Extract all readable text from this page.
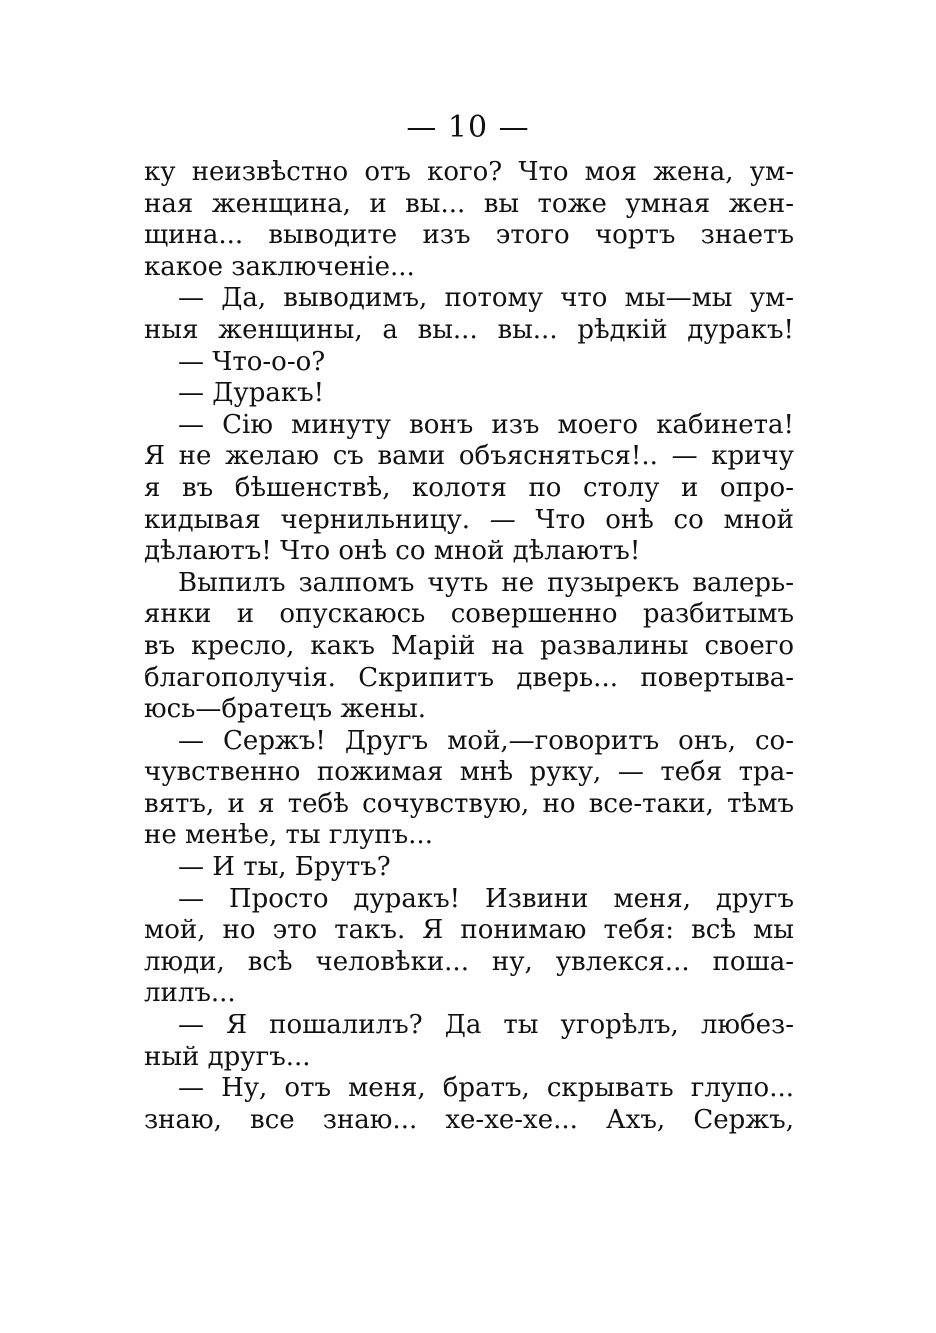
— 10 —
ку неизвѣстно отъ кого? Что моя жена, ум-
ная женщина, и вы... вы тоже умная жен-
щина... выводите изъ этого чортъ знаетъ
какое заключеніе...
— Да, выводимъ, потому что мы—мы ум-
ныя женщины, а вы... вы... рѣдкій дуракъ!
— Что-о-о?
— Дуракъ!
— Сію минуту вонъ изъ моего кабинета!
Я не желаю съ вами объясняться!.. — кричу
я въ бѣшенствѣ, колотя по столу и опро-
кидывая чернильницу. — Что онѣ со мной
дѣлаютъ! Что онѣ со мной дѣлаютъ!
Выпилъ залпомъ чуть не пузырекъ валерь-
янки и опускаюсь совершенно разбитымъ
въ кресло, какъ Марій на развалины своего
благополучія. Скрипитъ дверь... повертыва-
юсь—братецъ жены.
— Сержъ! Другъ мой,—говоритъ онъ, со-
чувственно пожимая мнѣ руку, — тебя тра-
вятъ, и я тебѣ сочувствую, но все-таки, тѣмъ
не менѣе, ты глупъ...
— И ты, Брутъ?
— Просто дуракъ! Извини меня, другъ
мой, но это такъ. Я понимаю тебя: всѣ мы
люди, всѣ человѣки... ну, увлекся... поша-
лилъ...
— Я пошалилъ? Да ты угорѣлъ, любез-
ный другъ...
— Ну, отъ меня, братъ, скрывать глупо...
знаю, все знаю... хе-хе-хе... Ахъ, Сержъ,
